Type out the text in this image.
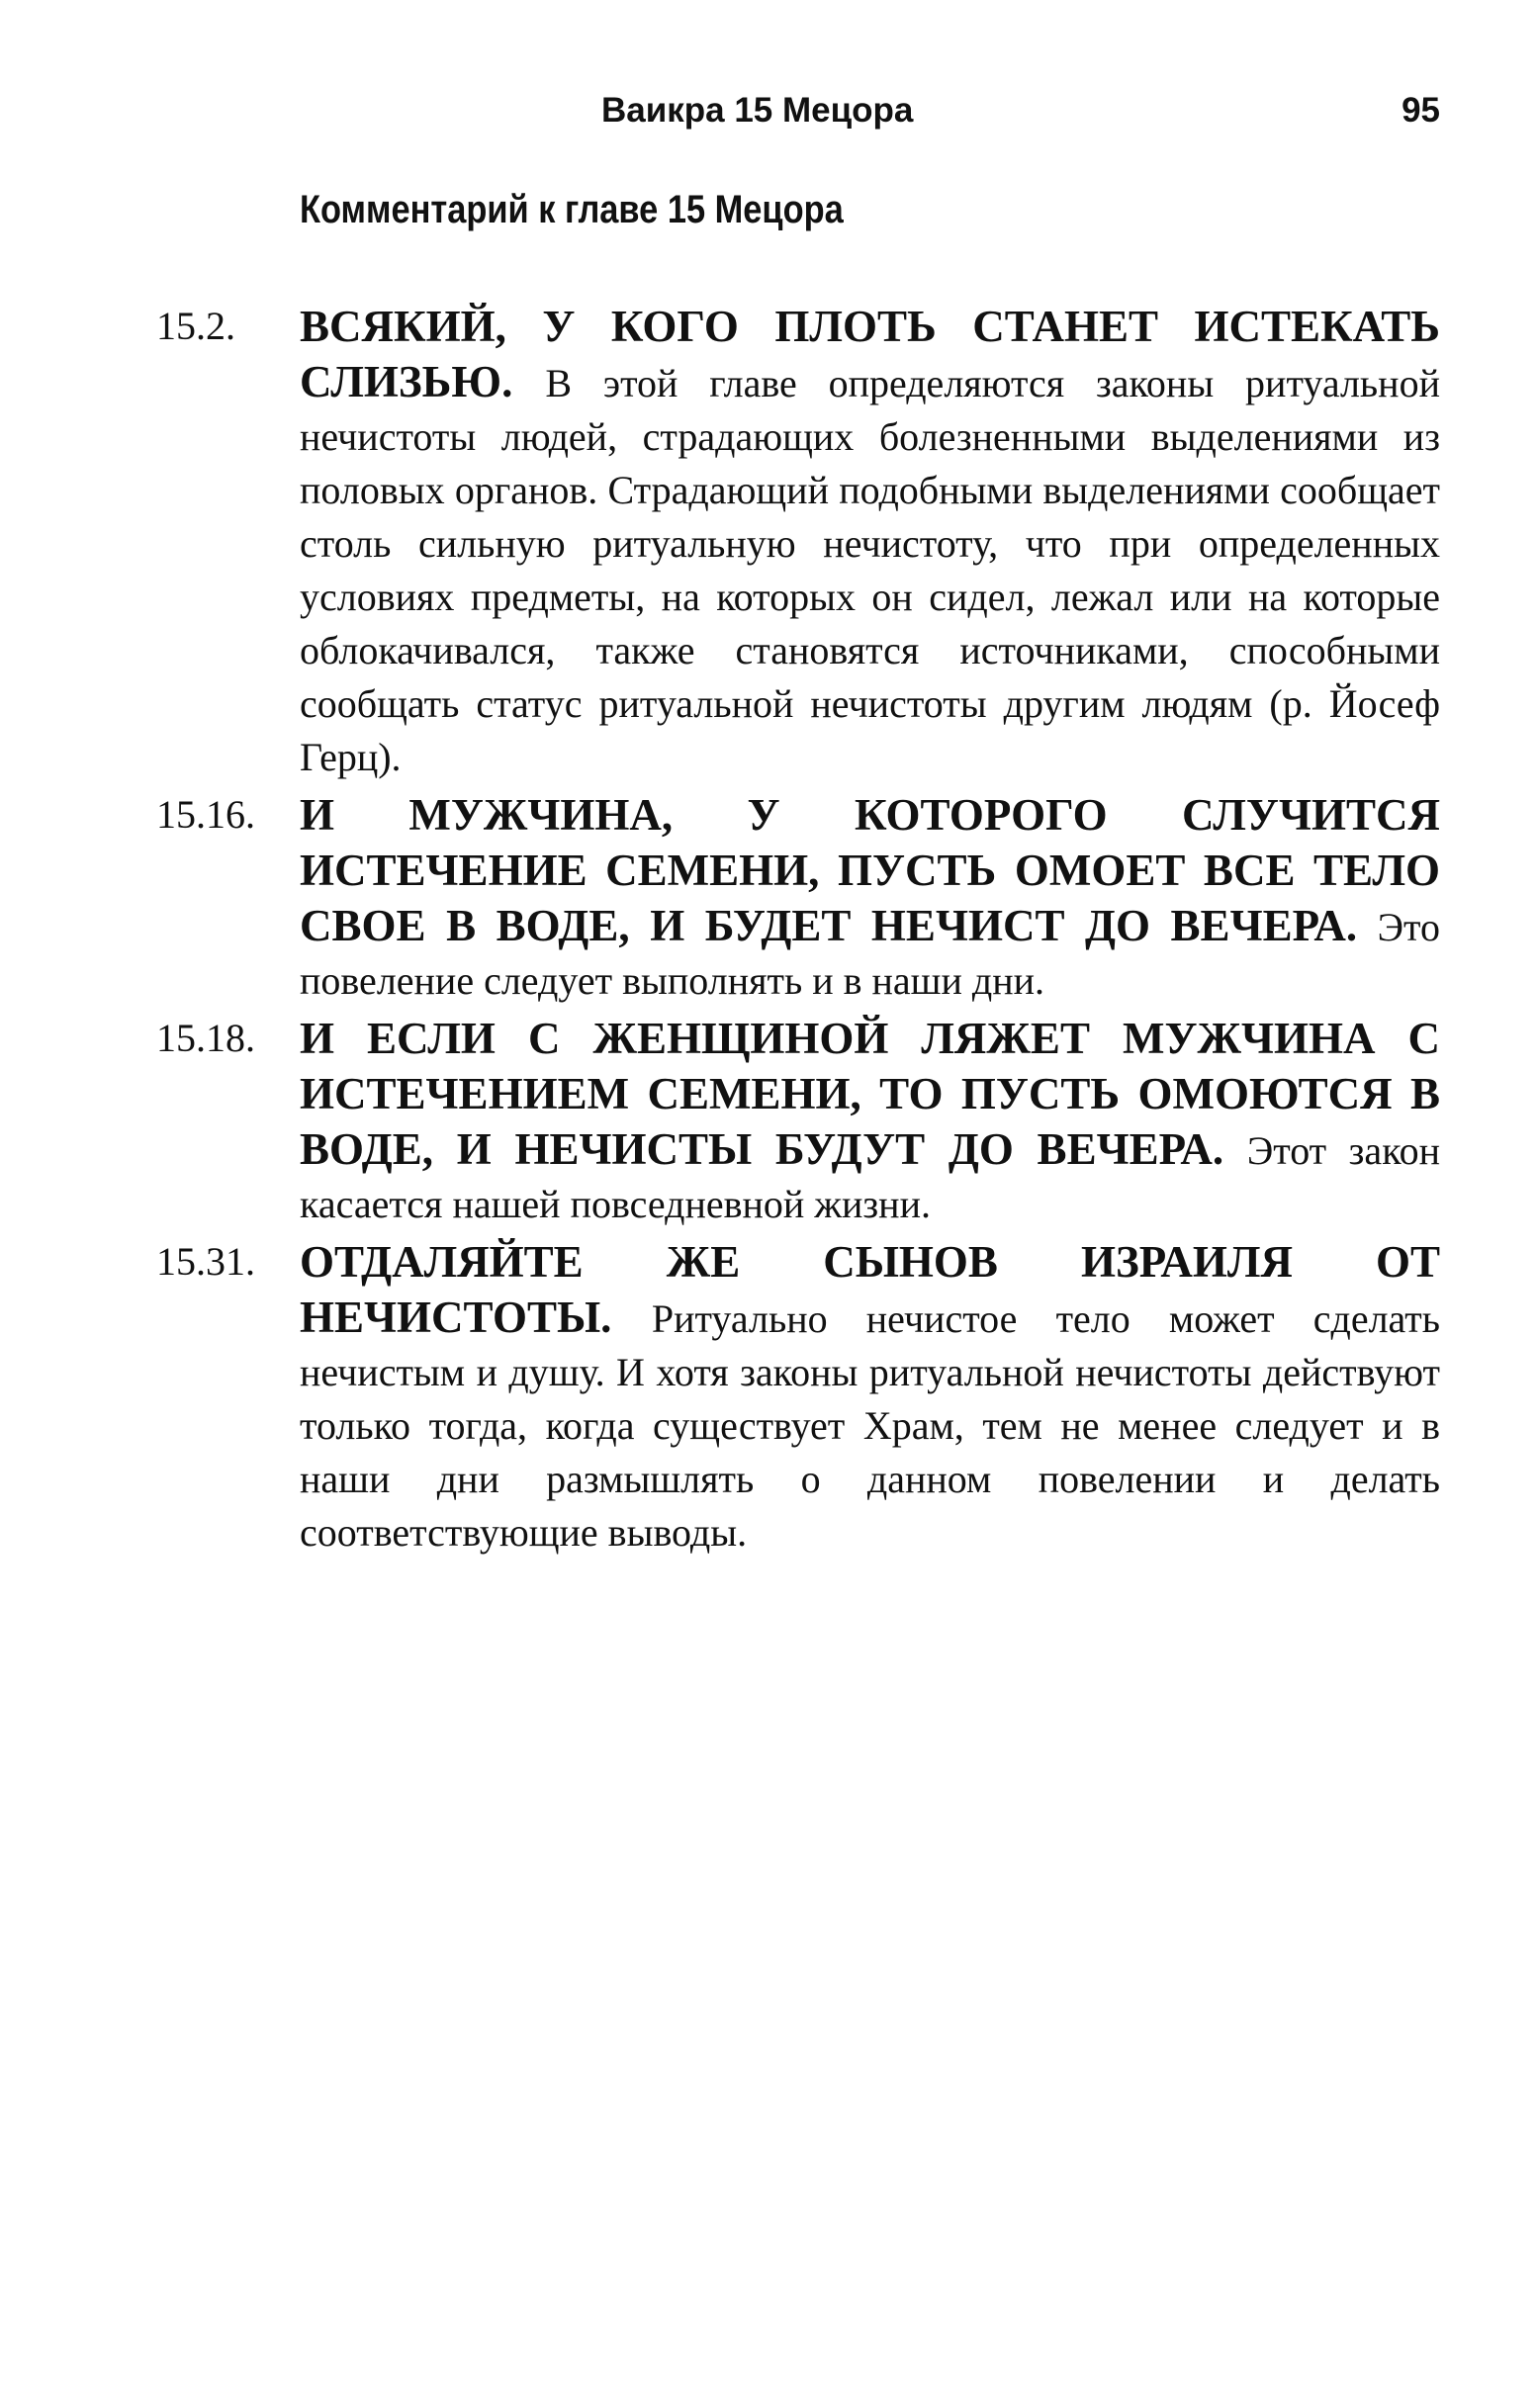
Ваикра 15 Мецора	95
Комментарий к главе 15 Мецора
15.2. ВСЯКИЙ, У КОГО ПЛОТЬ СТАНЕТ ИСТЕКАТЬ СЛИЗЬЮ. В этой главе определяются законы ритуальной нечистоты людей, страдающих болезненными выделениями из половых органов. Страдающий подобными выделениями сообщает столь сильную ритуальную нечистоту, что при определенных условиях предметы, на которых он сидел, лежал или на которые облокачивался, также становятся источниками, способными сообщать статус ритуальной нечистоты другим людям (р. Йосеф Герц).
15.16. И МУЖЧИНА, У КОТОРОГО СЛУЧИТСЯ ИСТЕЧЕНИЕ СЕМЕНИ, ПУСТЬ ОМОЕТ ВСЕ ТЕЛО СВОЕ В ВОДЕ, И БУДЕТ НЕЧИСТ ДО ВЕЧЕРА. Это повеление следует выполнять и в наши дни.
15.18. И ЕСЛИ С ЖЕНЩИНОЙ ЛЯЖЕТ МУЖЧИНА С ИСТЕЧЕНИЕМ СЕМЕНИ, ТО ПУСТЬ ОМОЮТСЯ В ВОДЕ, И НЕЧИСТЫ БУДУТ ДО ВЕЧЕРА. Этот закон касается нашей повседневной жизни.
15.31. ОТДАЛЯЙТЕ ЖЕ СЫНОВ ИЗРАИЛЯ ОТ НЕЧИСТОТЫ. Ритуально нечистое тело может сделать нечистым и душу. И хотя законы ритуальной нечистоты действуют только тогда, когда существует Храм, тем не менее следует и в наши дни размышлять о данном повелении и делать соответствующие выводы.
